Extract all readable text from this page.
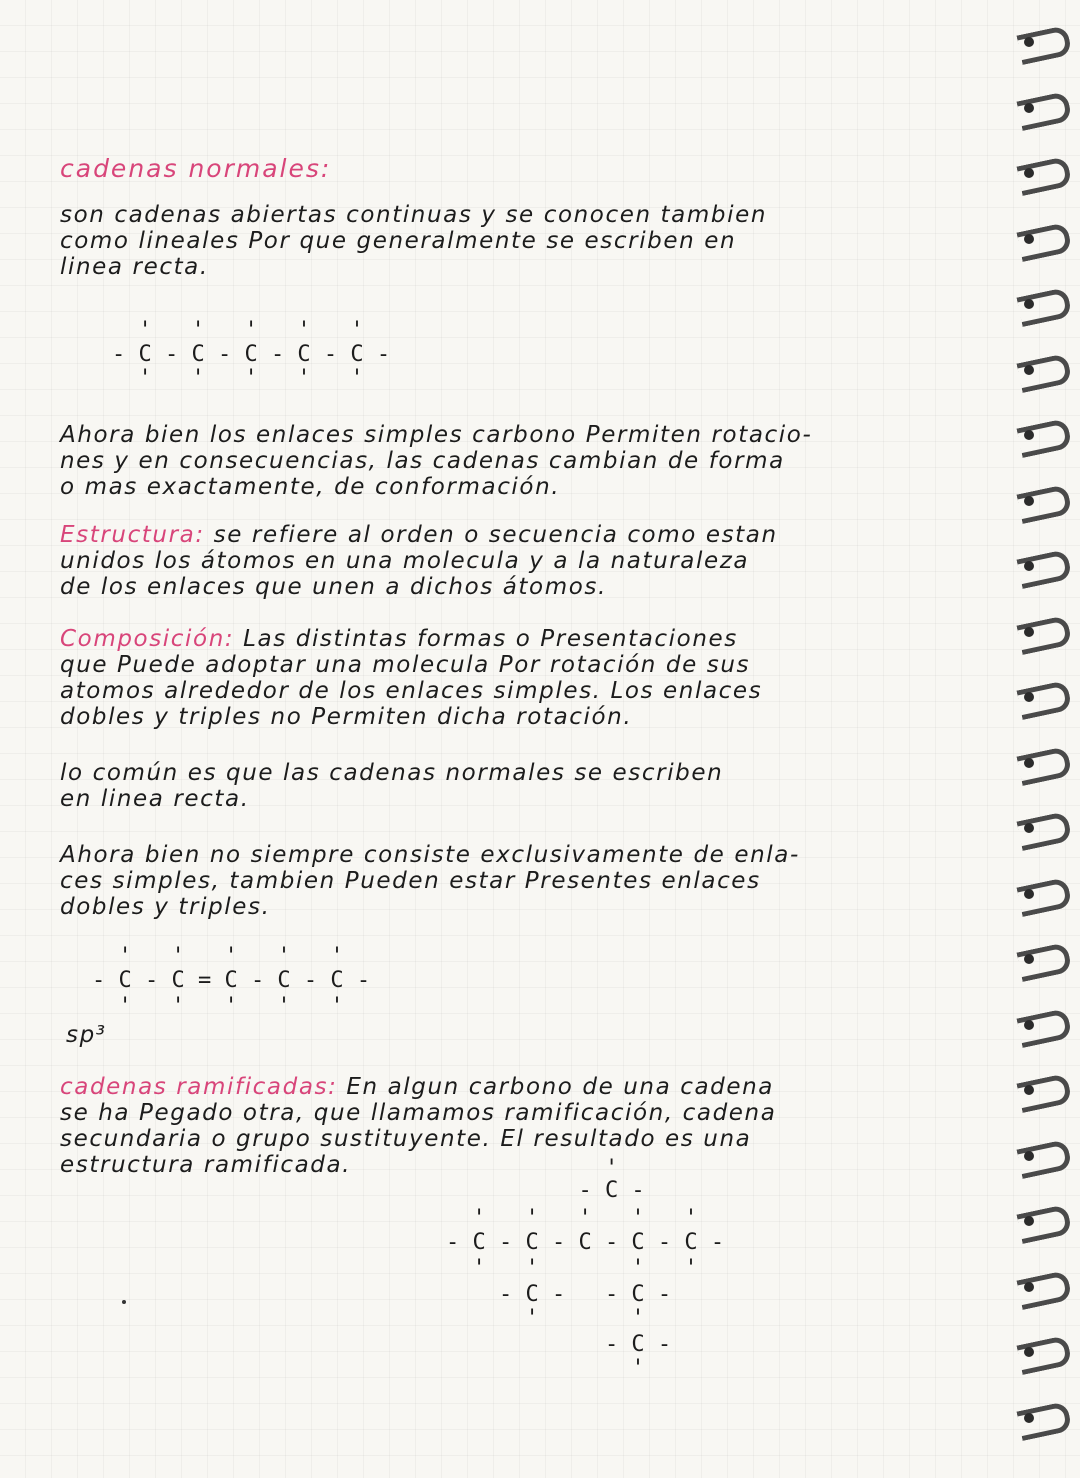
cadenas normales:
son cadenas abiertas continuas y se conocen tambien
como lineales Por que generalmente se escriben en
linea recta.
'   '   '   '   '
- C - C - C - C - C -
'   '   '   '   '
Ahora bien los enlaces simples carbono Permiten rotacio-
nes y en consecuencias, las cadenas cambian de forma
o mas exactamente, de conformación.
Estructura: se refiere al orden o secuencia como estan
unidos los átomos en una molecula y a la naturaleza
de los enlaces que unen a dichos átomos.
Composición: Las distintas formas o Presentaciones
que Puede adoptar una molecula Por rotación de sus
atomos alrededor de los enlaces simples. Los enlaces
dobles y triples no Permiten dicha rotación.
lo común es que las cadenas normales se escriben
en linea recta.
Ahora bien no siempre consiste exclusivamente de enla-
ces simples, tambien Pueden estar Presentes enlaces
dobles y triples.
'   '   '   '   '
- C - C = C - C - C -
'   '   '   '   '
sp³
cadenas ramificadas: En algun carbono de una cadena
se ha Pegado otra, que llamamos ramificación, cadena
secundaria o grupo sustituyente. El resultado es una
estructura ramificada.	'
- C -
'   '   '   '   '
- C - C - C - C - C -
'   '       '   '
- C -   - C -
'       '
- C -
'
